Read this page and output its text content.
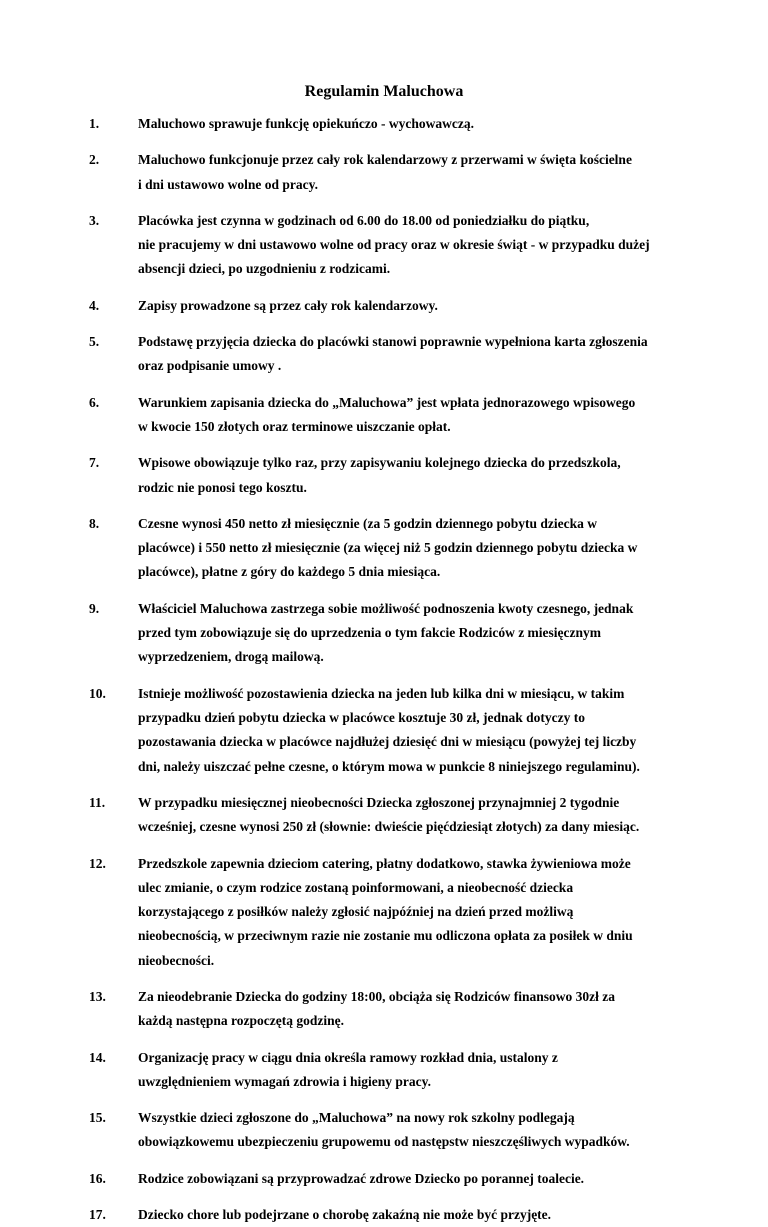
Regulamin Maluchowa
1.	Maluchowo sprawuje funkcję opiekuńczo - wychowawczą.
2.	Maluchowo funkcjonuje przez cały rok kalendarzowy z przerwami w święta kościelne
i dni ustawowo wolne od pracy.
3.	Placówka jest czynna w godzinach od 6.00 do 18.00 od poniedziałku do piątku,
nie pracujemy w dni ustawowo wolne od pracy oraz w okresie świąt - w przypadku dużej
absencji dzieci, po uzgodnieniu z rodzicami.
4.	Zapisy prowadzone są przez cały rok kalendarzowy.
5.	Podstawę przyjęcia dziecka do placówki stanowi poprawnie wypełniona karta zgłoszenia
oraz podpisanie umowy .
6.	Warunkiem zapisania dziecka do „Maluchowa” jest wpłata jednorazowego wpisowego
w kwocie 150 złotych oraz terminowe uiszczanie opłat.
7.	Wpisowe obowiązuje tylko raz, przy zapisywaniu kolejnego dziecka do przedszkola,
rodzic nie ponosi tego kosztu.
8.	Czesne wynosi 450 netto zł miesięcznie (za 5 godzin dziennego pobytu dziecka w
placówce) i 550 netto zł miesięcznie (za więcej niż 5 godzin dziennego pobytu dziecka w
placówce), płatne z góry do każdego 5 dnia miesiąca.
9.	Właściciel Maluchowa zastrzega sobie możliwość podnoszenia kwoty czesnego, jednak
przed tym zobowiązuje się do uprzedzenia o tym fakcie Rodziców z miesięcznym
wyprzedzeniem, drogą mailową.
10. Istnieje możliwość pozostawienia dziecka na jeden lub kilka dni w miesiącu, w takim
przypadku dzień pobytu dziecka w placówce kosztuje 30 zł, jednak dotyczy to
pozostawania dziecka w placówce najdłużej dziesięć dni w miesiącu (powyżej tej liczby
dni, należy uiszczać pełne czesne, o którym mowa w punkcie 8 niniejszego regulaminu).
11. W przypadku miesięcznej nieobecności Dziecka zgłoszonej przynajmniej 2 tygodnie
wcześniej, czesne wynosi 250 zł (słownie: dwieście pięćdziesiąt złotych) za dany miesiąc.
12. Przedszkole zapewnia dzieciom catering, płatny dodatkowo, stawka żywieniowa może
ulec zmianie, o czym rodzice zostaną poinformowani, a nieobecność dziecka
korzystającego z posiłków należy zgłosić najpóźniej na dzień przed możliwą
nieobecnością, w przeciwnym razie nie zostanie mu odliczona opłata za posiłek w dniu
nieobecności.
13. Za nieodebranie Dziecka do godziny 18:00, obciąża się Rodziców finansowo 30zł za
każdą następna rozpoczętą godzinę.
14. Organizację pracy w ciągu dnia określa ramowy rozkład dnia, ustalony z
uwzględnieniem wymagań zdrowia i higieny pracy.
15. Wszystkie dzieci zgłoszone do „Maluchowa” na nowy rok szkolny podlegają
obowiązkowemu ubezpieczeniu grupowemu od następstw nieszczęśliwych wypadków.
16. Rodzice zobowiązani są przyprowadzać zdrowe Dziecko po porannej toalecie.
17. Dziecko chore lub podejrzane o chorobę zakaźną nie może być przyjęte.
